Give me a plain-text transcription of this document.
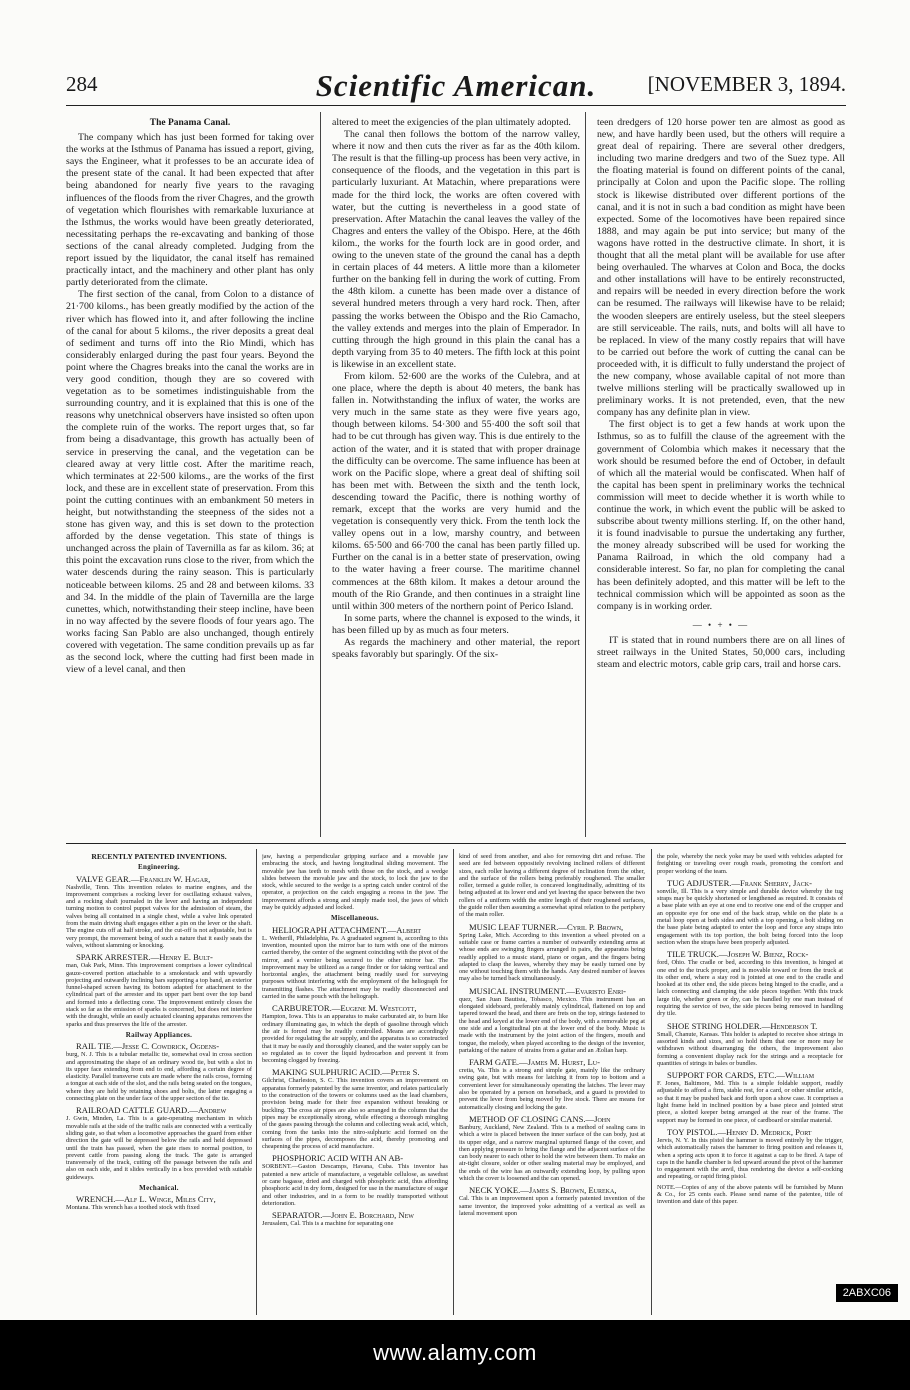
284	Scientific American.	[NOVEMBER 3, 1894.
The Panama Canal.

The company which has just been formed for taking over the works at the Isthmus of Panama has issued a report, giving, says the Engineer, what it professes to be an accurate idea of the present state of the canal. It had been expected that after being abandoned for nearly five years to the ravaging influences of the floods from the river Chagres, and the growth of vegetation which flourishes with remarkable luxuriance at the Isthmus, the works would have been greatly deteriorated, necessitating perhaps the re-excavating and banking of those sections of the canal already completed. Judging from the report issued by the liquidator, the canal itself has remained practically intact, and the machinery and other plant has only partly deteriorated from the climate.

The first section of the canal, from Colon to a distance of 21·700 kiloms., has been greatly modified by the action of the river which has flowed into it, and after following the incline of the canal for about 5 kiloms., the river deposits a great deal of sediment and turns off into the Rio Mindi, which has considerably enlarged during the past four years. Beyond the point where the Chagres breaks into the canal the works are in very good condition, though they are so covered with vegetation as to be sometimes indistinguishable from the surrounding country, and it is explained that this is one of the reasons why unetchnical observers have insisted so often upon the complete ruin of the works. The report urges that, so far from being a disadvantage, this growth has actually been of service in preserving the canal, and the vegetation can be cleared away at very little cost. After the maritime reach, which terminates at 22·500 kiloms., are the works of the first lock, and these are in excellent state of preservation. From this point the cutting continues with an embankment 50 meters in height, but notwithstanding the steepness of the sides not a stone has given way, and this is set down to the protection afforded by the dense vegetation. This state of things is unchanged across the plain of Tavernilla as far as kilom. 36; at this point the excavation runs close to the river, from which the water descends during the rainy season. This is particularly noticeable between kiloms. 25 and 28 and between kiloms. 33 and 34. In the middle of the plain of Tavernilla are the large cunettes, which, notwithstanding their steep incline, have been in no way affected by the severe floods of four years ago. The works facing San Pablo are also unchanged, though entirely covered with vegetation. The same condition prevails up as far as the second lock, where the cutting had first been made in view of a level canal, and then

altered to meet the exigencies of the plan ultimately adopted.

The canal then follows the bottom of the narrow valley, where it now and then cuts the river as far as the 40th kilom. The result is that the filling-up process has been very active, in consequence of the floods, and the vegetation in this part is particularly luxuriant. At Matachin, where preparations were made for the third lock, the works are often covered with water, but the cutting is nevertheless in a good state of preservation. After Matachin the canal leaves the valley of the Chagres and enters the valley of the Obispo. Here, at the 46th kilom., the works for the fourth lock are in good order, and owing to the uneven state of the ground the canal has a depth in certain places of 44 meters. A little more than a kilometer further on the banking fell in during the work of cutting. From the 48th kilom. a cunette has been made over a distance of several hundred meters through a very hard rock. Then, after passing the works between the Obispo and the Rio Camacho, the valley extends and merges into the plain of Emperador. In cutting through the high ground in this plain the canal has a depth varying from 35 to 40 meters. The fifth lock at this point is likewise in an excellent state.

From kilom. 52·600 are the works of the Culebra, and at one place, where the depth is about 40 meters, the bank has fallen in. Notwithstanding the influx of water, the works are very much in the same state as they were five years ago, though between kiloms. 54·300 and 55·400 the soft soil that had to be cut through has given way. This is due entirely to the action of the water, and it is stated that with proper drainage the difficulty can be overcome. The same influence has been at work on the Pacific slope, where a great deal of shifting soil has been met with. Between the sixth and the tenth lock, descending toward the Pacific, there is nothing worthy of remark, except that the works are very humid and the vegetation is consequently very thick. From the tenth lock the valley opens out in a low, marshy country, and between kiloms. 65·500 and 66·700 the canal has been partly filled up. Further on the canal is in a better state of preservation, owing to the water having a freer course. The maritime channel commences at the 68th kilom. It makes a detour around the mouth of the Rio Grande, and then continues in a straight line until within 300 meters of the northern point of Perico Island.

In some parts, where the channel is exposed to the winds, it has been filled up by as much as four meters.

As regards the machinery and other material, the report speaks favorably but sparingly. Of the six-

teen dredgers of 120 horse power ten are almost as good as new, and have hardly been used, but the others will require a great deal of repairing. There are several other dredgers, including two marine dredgers and two of the Suez type. All the floating material is found on different points of the canal, principally at Colon and upon the Pacific slope. The rolling stock is likewise distributed over different portions of the canal, and it is not in such a bad condition as might have been expected. Some of the locomotives have been repaired since 1888, and may again be put into service; but many of the wagons have rotted in the destructive climate. In short, it is thought that all the metal plant will be available for use after being overhauled. The wharves at Colon and Boca, the docks and other installations will have to be entirely reconstructed, and repairs will be needed in every direction before the work can be resumed. The railways will likewise have to be relaid; the wooden sleepers are entirely useless, but the steel sleepers are still serviceable. The rails, nuts, and bolts will all have to be replaced. In view of the many costly repairs that will have to be carried out before the work of cutting the canal can be proceeded with, it is difficult to fully understand the project of the new company, whose available capital of not more than twelve millions sterling will be practically swallowed up in preliminary works. It is not pretended, even, that the new company has any definite plan in view.

The first object is to get a few hands at work upon the Isthmus, so as to fulfill the clause of the agreement with the government of Colombia which makes it necessary that the work should be resumed before the end of October, in default of which all the material would be confiscated. When half of the capital has been spent in preliminary works the technical commission will meet to decide whether it is worth while to continue the work, in which event the public will be asked to subscribe about twenty millions sterling. If, on the other hand, it is found inadvisable to pursue the undertaking any further, the money already subscribed will be used for working the Panama Railroad, in which the old company had a considerable interest. So far, no plan for completing the canal has been definitely adopted, and this matter will be left to the technical commission which will be appointed as soon as the company is in working order.

— • + • —

IT is stated that in round numbers there are on all lines of street railways in the United States, 50,000 cars, including steam and electric motors, cable grip cars, trail and horse cars.

RECENTLY PATENTED INVENTIONS.
Engineering.
VALVE GEAR.—Franklin W. Hagar,
Nashville, Tenn. This invention relates to marine engines, and the improvement comprises a rocking lever for oscillating exhaust valves, and a rocking shaft journaled in the lever and having an independent turning motion to control puppet valves for the admission of steam, the valves being all contained in a single chest, while a valve link operated from the main driving shaft engages either a pin on the lever or the shaft. The engine cuts off at half stroke, and the cut-off is not adjustable, but is very prompt, the movement being of such a nature that it easily seats the valves, without slamming or knocking.
SPARK ARRESTER.—Henry E. Bult-
man, Oak Park, Minn. This improvement comprises a lower cylindrical gauze-covered portion attachable to a smokestack and with upwardly projecting and outwardly inclining bars supporting a top band, an exterior funnel-shaped screen having its bottom adapted for attachment to the cylindrical part of the arrester and its upper part bent over the top band and formed into a deflecting cone. The improvement entirely closes the stack so far as the emission of sparks is concerned, but does not interfere with the draught, while an easily actuated cleaning apparatus removes the sparks and thus preserves the life of the arrester.
Railway Appliances.
RAIL TIE.—Jesse C. Cowdrick, Ogdens-
burg, N. J. This is a tubular metallic tie, somewhat oval in cross section and approximating the shape of an ordinary wood tie, but with a slot in its upper face extending from end to end, affording a certain degree of elasticity. Parallel transverse cuts are made where the rails cross, forming a tongue at each side of the slot, and the rails being seated on the tongues, where they are held by retaining shoes and bolts, the latter engaging a connecting plate on the under face of the upper section of the tie.
RAILROAD CATTLE GUARD.—Andrew
J. Gwin, Minden, La. This is a gate-operating mechanism in which movable rails at the side of the traffic rails are connected with a vertically sliding gate, so that when a locomotive approaches the guard from either direction the gate will be depressed below the rails and held depressed until the train has passed, when the gate rises to normal position, to prevent cattle from passing along the track. The gate is arranged transversely of the track, cutting off the passage between the rails and also on each side, and it slides vertically in a box provided with suitable guideways.
Mechanical.
WRENCH.—Alf L. Winge, Miles City,
Montana. This wrench has a toothed stock with fixed
jaw, having a perpendicular gripping surface and a movable jaw embracing the stock, and having longitudinal sliding movement. The movable jaw has teeth to mesh with those on the stock, and a wedge slides between the movable jaw and the stock, to lock the jaw to the stock, while secured to the wedge is a spring catch under control of the operator, a projection on the catch engaging a recess in the jaw. The improvement affords a strong and simply made tool, the jaws of which may be quickly adjusted and locked.
Miscellaneous.
HELIOGRAPH ATTACHMENT.—Albert
L. Wetherill, Philadelphia, Pa. A graduated segment is, according to this invention, mounted upon the mirror bar to turn with one of the mirrors carried thereby, the center of the segment coinciding with the pivot of the mirror, and a vernier being secured to the other mirror bar. The improvement may be utilized as a range finder or for taking vertical and horizontal angles, the attachment being readily used for surveying purposes without interfering with the employment of the heliograph for transmitting flashes. The attachment may be readily disconnected and carried in the same pouch with the heliograph.
CARBURETOR.—Eugene M. Westcott,
Hampton, Iowa. This is an apparatus to make carburated air, to burn like ordinary illuminating gas, in which the depth of gasoline through which the air is forced may be readily controlled. Means are accordingly provided for regulating the air supply, and the apparatus is so constructed that it may be easily and thoroughly cleaned, and the water supply can be so regulated as to cover the liquid hydrocarbon and prevent it from becoming clogged by freezing.
MAKING SULPHURIC ACID.—Peter S.
Gilchrist, Charleston, S. C. This invention covers an improvement on apparatus formerly patented by the same inventor, and relates particularly to the construction of the towers or columns used as the lead chambers, provision being made for their free expansion without breaking or buckling. The cross air pipes are also so arranged in the column that the pipes may be exceptionally strong, while effecting a thorough mingling of the gases passing through the column and collecting weak acid, which, coming from the tanks into the nitro-sulphuric acid formed on the surfaces of the pipes, decomposes the acid, thereby promoting and cheapening the process of acid manufacture.
PHOSPHORIC ACID WITH AN AB-
SORBENT.—Gaston Descamps, Havana, Cuba. This inventor has patented a new article of manufacture, a vegetable cellulose, as sawdust or cane bagasse, dried and charged with phosphoric acid, thus affording phosphoric acid in dry form, designed for use in the manufacture of sugar and other industries, and in a form to be readily transported without deterioration.
SEPARATOR.—John E. Borchard, New
Jerusalem, Cal. This is a machine for separating one
kind of seed from another, and also for removing dirt and refuse. The seed are fed between oppositely revolving inclined rollers of different sizes, each roller having a different degree of inclination from the other, and the surface of the rollers being preferably roughened. The smaller roller, termed a guide roller, is concaved longitudinally, admitting of its being adjusted at its lower end and yet leaving the space between the two rollers of a uniform width the entire length of their roughened surfaces, the guide roller then assuming a somewhat spiral relation to the periphery of the main roller.
MUSIC LEAF TURNER.—Cyril P. Brown,
Spring Lake, Mich. According to this invention a wheel pivoted on a suitable case or frame carries a number of outwardly extending arms at whose ends are swinging fingers arranged in pairs, the apparatus being readily applied to a music stand, piano or organ, and the fingers being adapted to clasp the leaves, whereby they may be easily turned one by one without touching them with the hands. Any desired number of leaves may also be turned back simultaneously.
MUSICAL INSTRUMENT.—Evaristo Enri-
quez, San Juan Bautista, Tobasco, Mexico. This instrument has an elongated sideboard, preferably mainly cylindrical, flattened on top and tapered toward the head, and there are frets on the top, strings fastened to the head and keyed at the lower end of the body, with a removable peg at one side and a longitudinal pin at the lower end of the body. Music is made with the instrument by the joint action of the fingers, mouth and tongue, the melody, when played according to the design of the inventor, partaking of the nature of strains from a guitar and an Æolian harp.
FARM GATE.—James M. Hurst, Lu-
cretia, Va. This is a strong and simple gate, mainly like the ordinary swing gate, but with means for latching it from top to bottom and a convenient lever for simultaneously operating the latches. The lever may also be operated by a person on horseback, and a guard is provided to prevent the lever from being moved by live stock. There are means for automatically closing and locking the gate.
METHOD OF CLOSING CANS.—John
Banbury, Auckland, New Zealand. This is a method of sealing cans in which a wire is placed between the inner surface of the can body, just at its upper edge, and a narrow marginal upturned flange of the cover, and then applying pressure to bring the flange and the adjacent surface of the can body nearer to each other to hold the wire between them. To make an air-tight closure, solder or other sealing material may be employed, and the ends of the wire has an outwardly extending loop, by pulling upon which the cover is loosened and the can opened.
NECK YOKE.—James S. Brown, Eureka,
Cal. This is an improvement upon a formerly patented invention of the same inventor, the improved yoke admitting of a vertical as well as lateral movement upon
the pole, whereby the neck yoke may be used with vehicles adapted for freighting or traveling over rough roads, promoting the comfort and proper working of the team.
TUG ADJUSTER.—Frank Sherry, Jack-
sonville, Ill. This is a very simple and durable device whereby the tug straps may be quickly shortened or lengthened as required. It consists of a base plate with an eye at one end to receive one end of the crupper and an opposite eye for one end of the back strap, while on the plate is a metal loop open at both sides and with a top opening, a bolt sliding on the base plate being adapted to enter the loop and force any straps into engagement with its top portion, the bolt being forced into the loop section when the straps have been properly adjusted.
TILE TRUCK.—Joseph W. Bienz, Rock-
ford, Ohio. The cradle or bed, according to this invention, is hinged at one end to the truck proper, and is movable toward or from the truck at its other end, where a stay rod is jointed at one end to the cradle and hooked at its other end, the side pieces being hinged to the cradle, and a latch connecting and clamping the side pieces together. With this truck large tile, whether green or dry, can be handled by one man instead of requiring the service of two, the side pieces being removed in handling dry tile.
SHOE STRING HOLDER.—Henderson T.
Small, Chanute, Kansas. This holder is adapted to receive shoe strings in assorted kinds and sizes, and so hold them that one or more may be withdrawn without disarranging the others, the improvement also forming a convenient display rack for the strings and a receptacle for quantities of strings in bales or bundles.
SUPPORT FOR CARDS, ETC.—William
F. Jones, Baltimore, Md. This is a simple foldable support, readily adjustable to afford a firm, stable rest, for a card, or other similar article, so that it may be pushed back and forth upon a show case. It comprises a light frame held in inclined position by a base piece and jointed strut piece, a slotted keeper being arranged at the rear of the frame. The support may be formed in one piece, of cardboard or similar material.
TOY PISTOL.—Henry D. Medrick, Port
Jervis, N. Y. In this pistol the hammer is moved entirely by the trigger, which automatically raises the hammer to firing position and releases it, when a spring acts upon it to force it against a cap to be fired. A tape of caps in the handle chamber is fed upward around the pivot of the hammer to engagement with the anvil, thus rendering the device a self-cocking and repeating, or rapid firing pistol.
NOTE.—Copies of any of the above patents will be furnished by Munn & Co., for 25 cents each. Please send name of the patentee, title of invention and date of this paper.
2ABXC06
www.alamy.com
